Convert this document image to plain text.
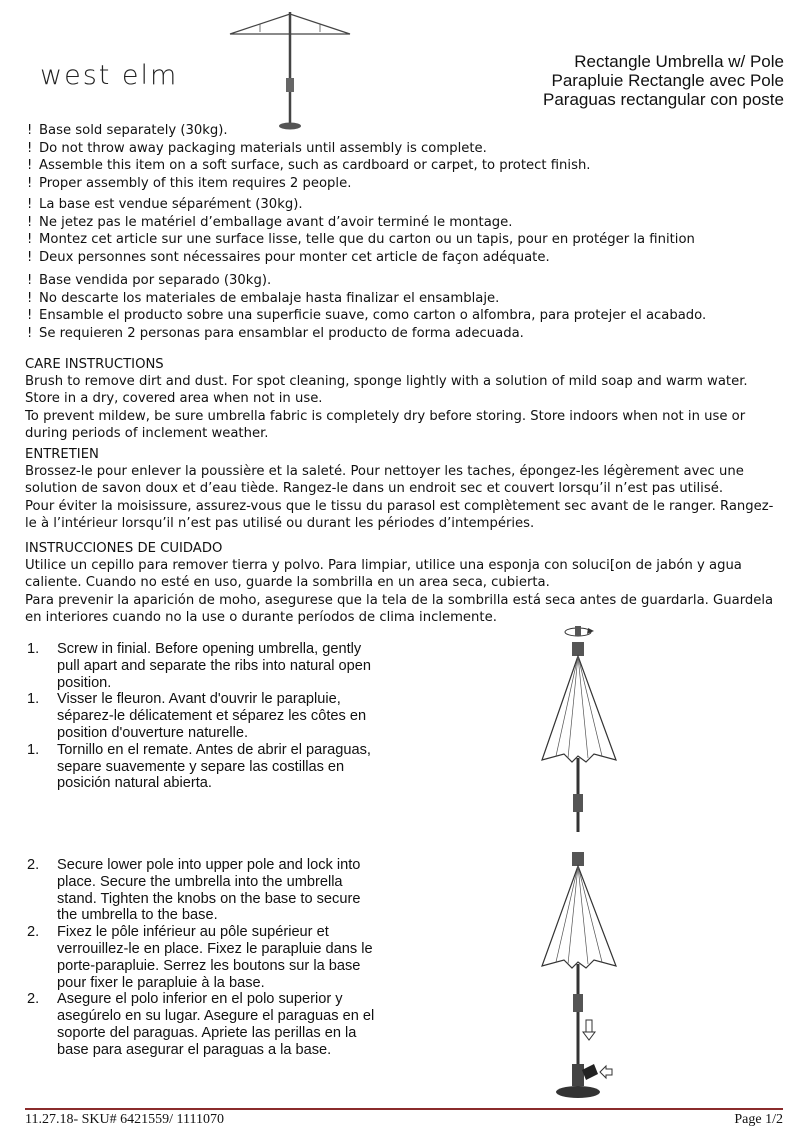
west elm	Rectangle Umbrella w/ Pole
Parapluie Rectangle avec Pole
Paraguas rectangular con poste
! Base sold separately (30kg).
! Do not throw away packaging materials until assembly is complete.
! Assemble this item on a soft surface, such as cardboard or carpet, to protect finish.
! Proper assembly of this item requires 2 people.
! La base est vendue séparément (30kg).
! Ne jetez pas le matériel d’emballage avant d’avoir terminé le montage.
! Montez cet article sur une surface lisse, telle que du carton ou un tapis, pour en protéger la finition
! Deux personnes sont nécessaires pour monter cet article de façon adéquate.
! Base vendida por separado (30kg).
! No descarte los materiales de embalaje hasta finalizar el ensamblaje.
! Ensamble el producto sobre una superficie suave, como carton o alfombra, para protejer el acabado.
! Se requieren 2 personas para ensamblar el producto de forma adecuada.
CARE INSTRUCTIONS
Brush to remove dirt and dust. For spot cleaning, sponge lightly with a solution of mild soap and warm water. Store in a dry, covered area when not in use.
To prevent mildew, be sure umbrella fabric is completely dry before storing. Store indoors when not in use or during periods of inclement weather.
ENTRETIEN
Brossez-le pour enlever la poussière et la saleté. Pour nettoyer les taches, épongez-les légèrement avec une solution de savon doux et d’eau tiède. Rangez-le dans un endroit sec et couvert lorsqu’il n’est pas utilisé.
Pour éviter la moisissure, assurez-vous que le tissu du parasol est complètement sec avant de le ranger. Rangez-le à l’intérieur lorsqu’il n’est pas utilisé ou durant les périodes d’intempéries.
INSTRUCCIONES DE CUIDADO
Utilice un cepillo para remover tierra y polvo. Para limpiar, utilice una esponja con soluci[on de jabón y agua caliente. Cuando no esté en uso, guarde la sombrilla en un area seca, cubierta.
Para prevenir la aparición de moho, asegurese que la tela de la sombrilla está seca antes de guardarla. Guardela en interiores cuando no la use o durante períodos de clima inclemente.
1.	Screw in finial. Before opening umbrella, gently pull apart and separate the ribs into natural open position.
1.	Visser le fleuron. Avant d'ouvrir le parapluie, séparez-le délicatement et séparez les côtes en position d'ouverture naturelle.
1.	Tornillo en el remate. Antes de abrir el paraguas, separe suavemente y separe las costillas en posición natural abierta.
2.	Secure lower pole into upper pole and lock into place. Secure the umbrella into the umbrella stand. Tighten the knobs on the base to secure the umbrella to the base.
2.	Fixez le pôle inférieur au pôle supérieur et verrouillez-le en place. Fixez le parapluie dans le porte-parapluie. Serrez les boutons sur la base pour fixer le parapluie à la base.
2.	Asegure el polo inferior en el polo superior y asegúrelo en su lugar. Asegure el paraguas en el soporte del paraguas. Apriete las perillas en la base para asegurar el paraguas a la base.
11.27.18- SKU# 6421559/ 1111070	Page 1/2
